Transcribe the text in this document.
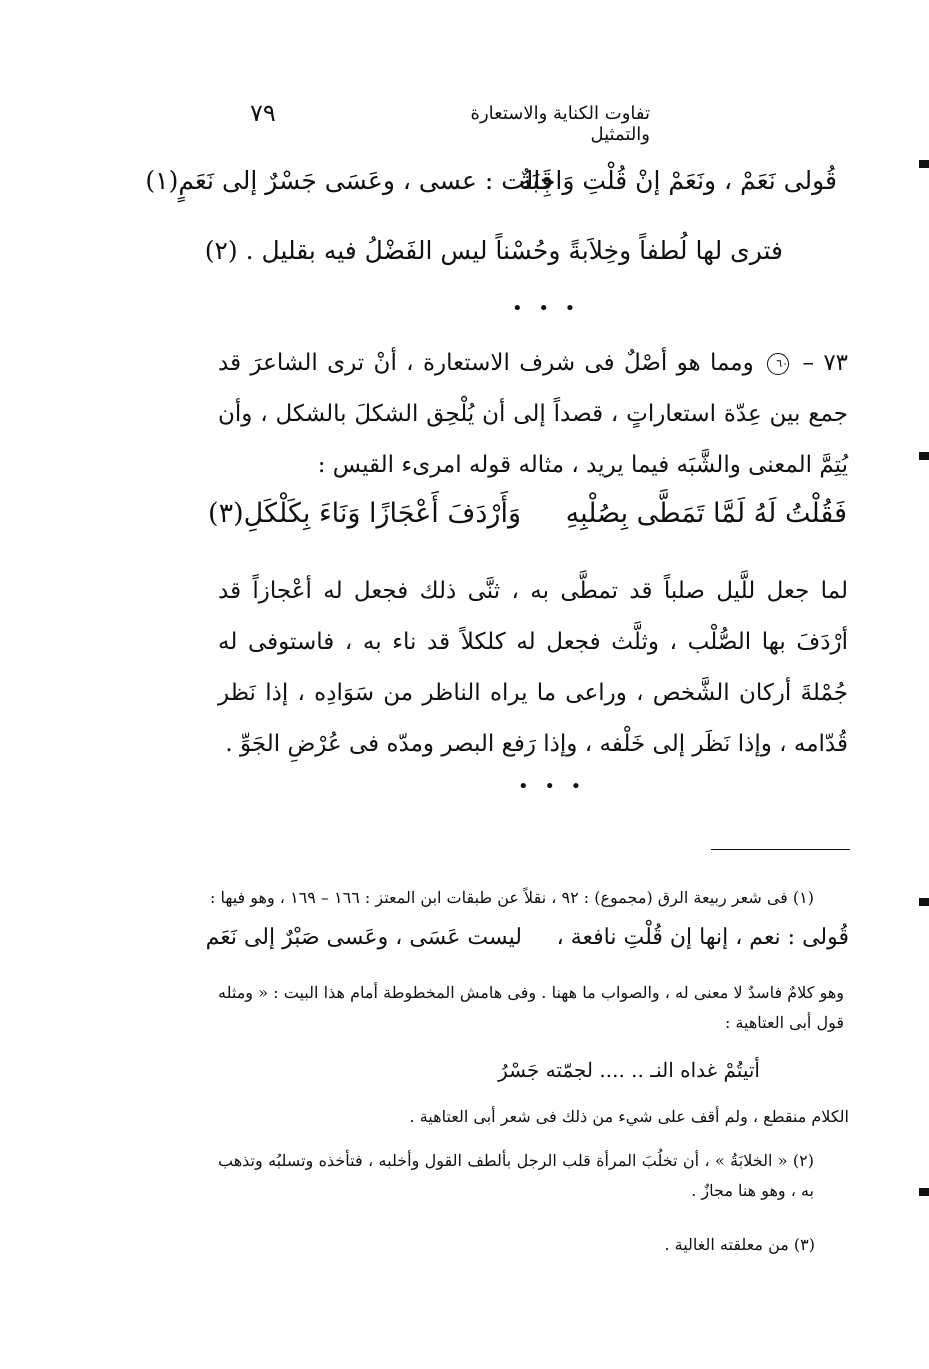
تفاوت الكناية والاستعارة والتمثيل
٧٩
قُولى نَعَمْ ، ونَعَمْ إنْ قُلْتِ وَاجِبَةٌ
قَالت : عسى ، وعَسَى جَسْرٌ إلى نَعَمٍ(١)
فترى لها لُطفاً وخِلاَبةً وحُسْناً ليس الفَضْلُ فيه بقليل . (٢)
• • •
٧٣ – ٦٠ ومما هو أصْلٌ فى شرف الاستعارة ، أنْ ترى الشاعرَ قد جمع بين عِدّة استعاراتٍ ، قصداً إلى أن يُلْحِق الشكلَ بالشكل ، وأن يُتِمَّ المعنى والشَّبَه فيما يريد ، مثاله قوله امرىء القيس :
فَقُلْتُ لَهُ لَمَّا تَمَطَّى بِصُلْبِهِ
وَأَرْدَفَ أَعْجَازًا وَنَاءَ بِكَلْكَلِ(٣)
لما جعل للَّيل صلباً قد تمطَّى به ، ثنَّى ذلك فجعل له أعْجازاً قد أرْدَفَ بها الصُّلْب ، وثلَّث فجعل له كلكلاً قد ناء به ، فاستوفى له جُمْلةَ أركان الشَّخص ، وراعى ما يراه الناظر من سَوَادِه ، إذا نَظر قُدّامه ، وإذا نَظَر إلى خَلْفه ، وإذا رَفع البصر ومدّه فى عُرْضِ الجَوِّ .
• • •
(١) فى شعر ربيعة الرق (مجموع) : ٩٢ ، نقلاً عن طبقات ابن المعتز : ١٦٦ – ١٦٩ ، وهو فيها :
قُولى : نعم ، إنها إن قُلْتِ نافعة ،
ليست عَسَى ، وعَسى صَبْرٌ إلى نَعَم
وهو كلامٌ فاسدٌ لا معنى له ، والصواب ما ههنا . وفى هامش المخطوطة أمام هذا البيت : « ومثله قول أبى العتاهية :
أتيتُمْ غداه النـ .. .... لجمّته جَسْرُ
الكلام منقطع ، ولم أقف على شيء من ذلك فى شعر أبى العتاهية .
(٢) « الخلابَةُ » ، أن تخلُبَ المرأة قلب الرجل بألطف القول وأخلبه ، فتأخذه وتسلبُه وتذهب به ، وهو هنا مجازٌ .
(٣) من معلقته الغالية .
